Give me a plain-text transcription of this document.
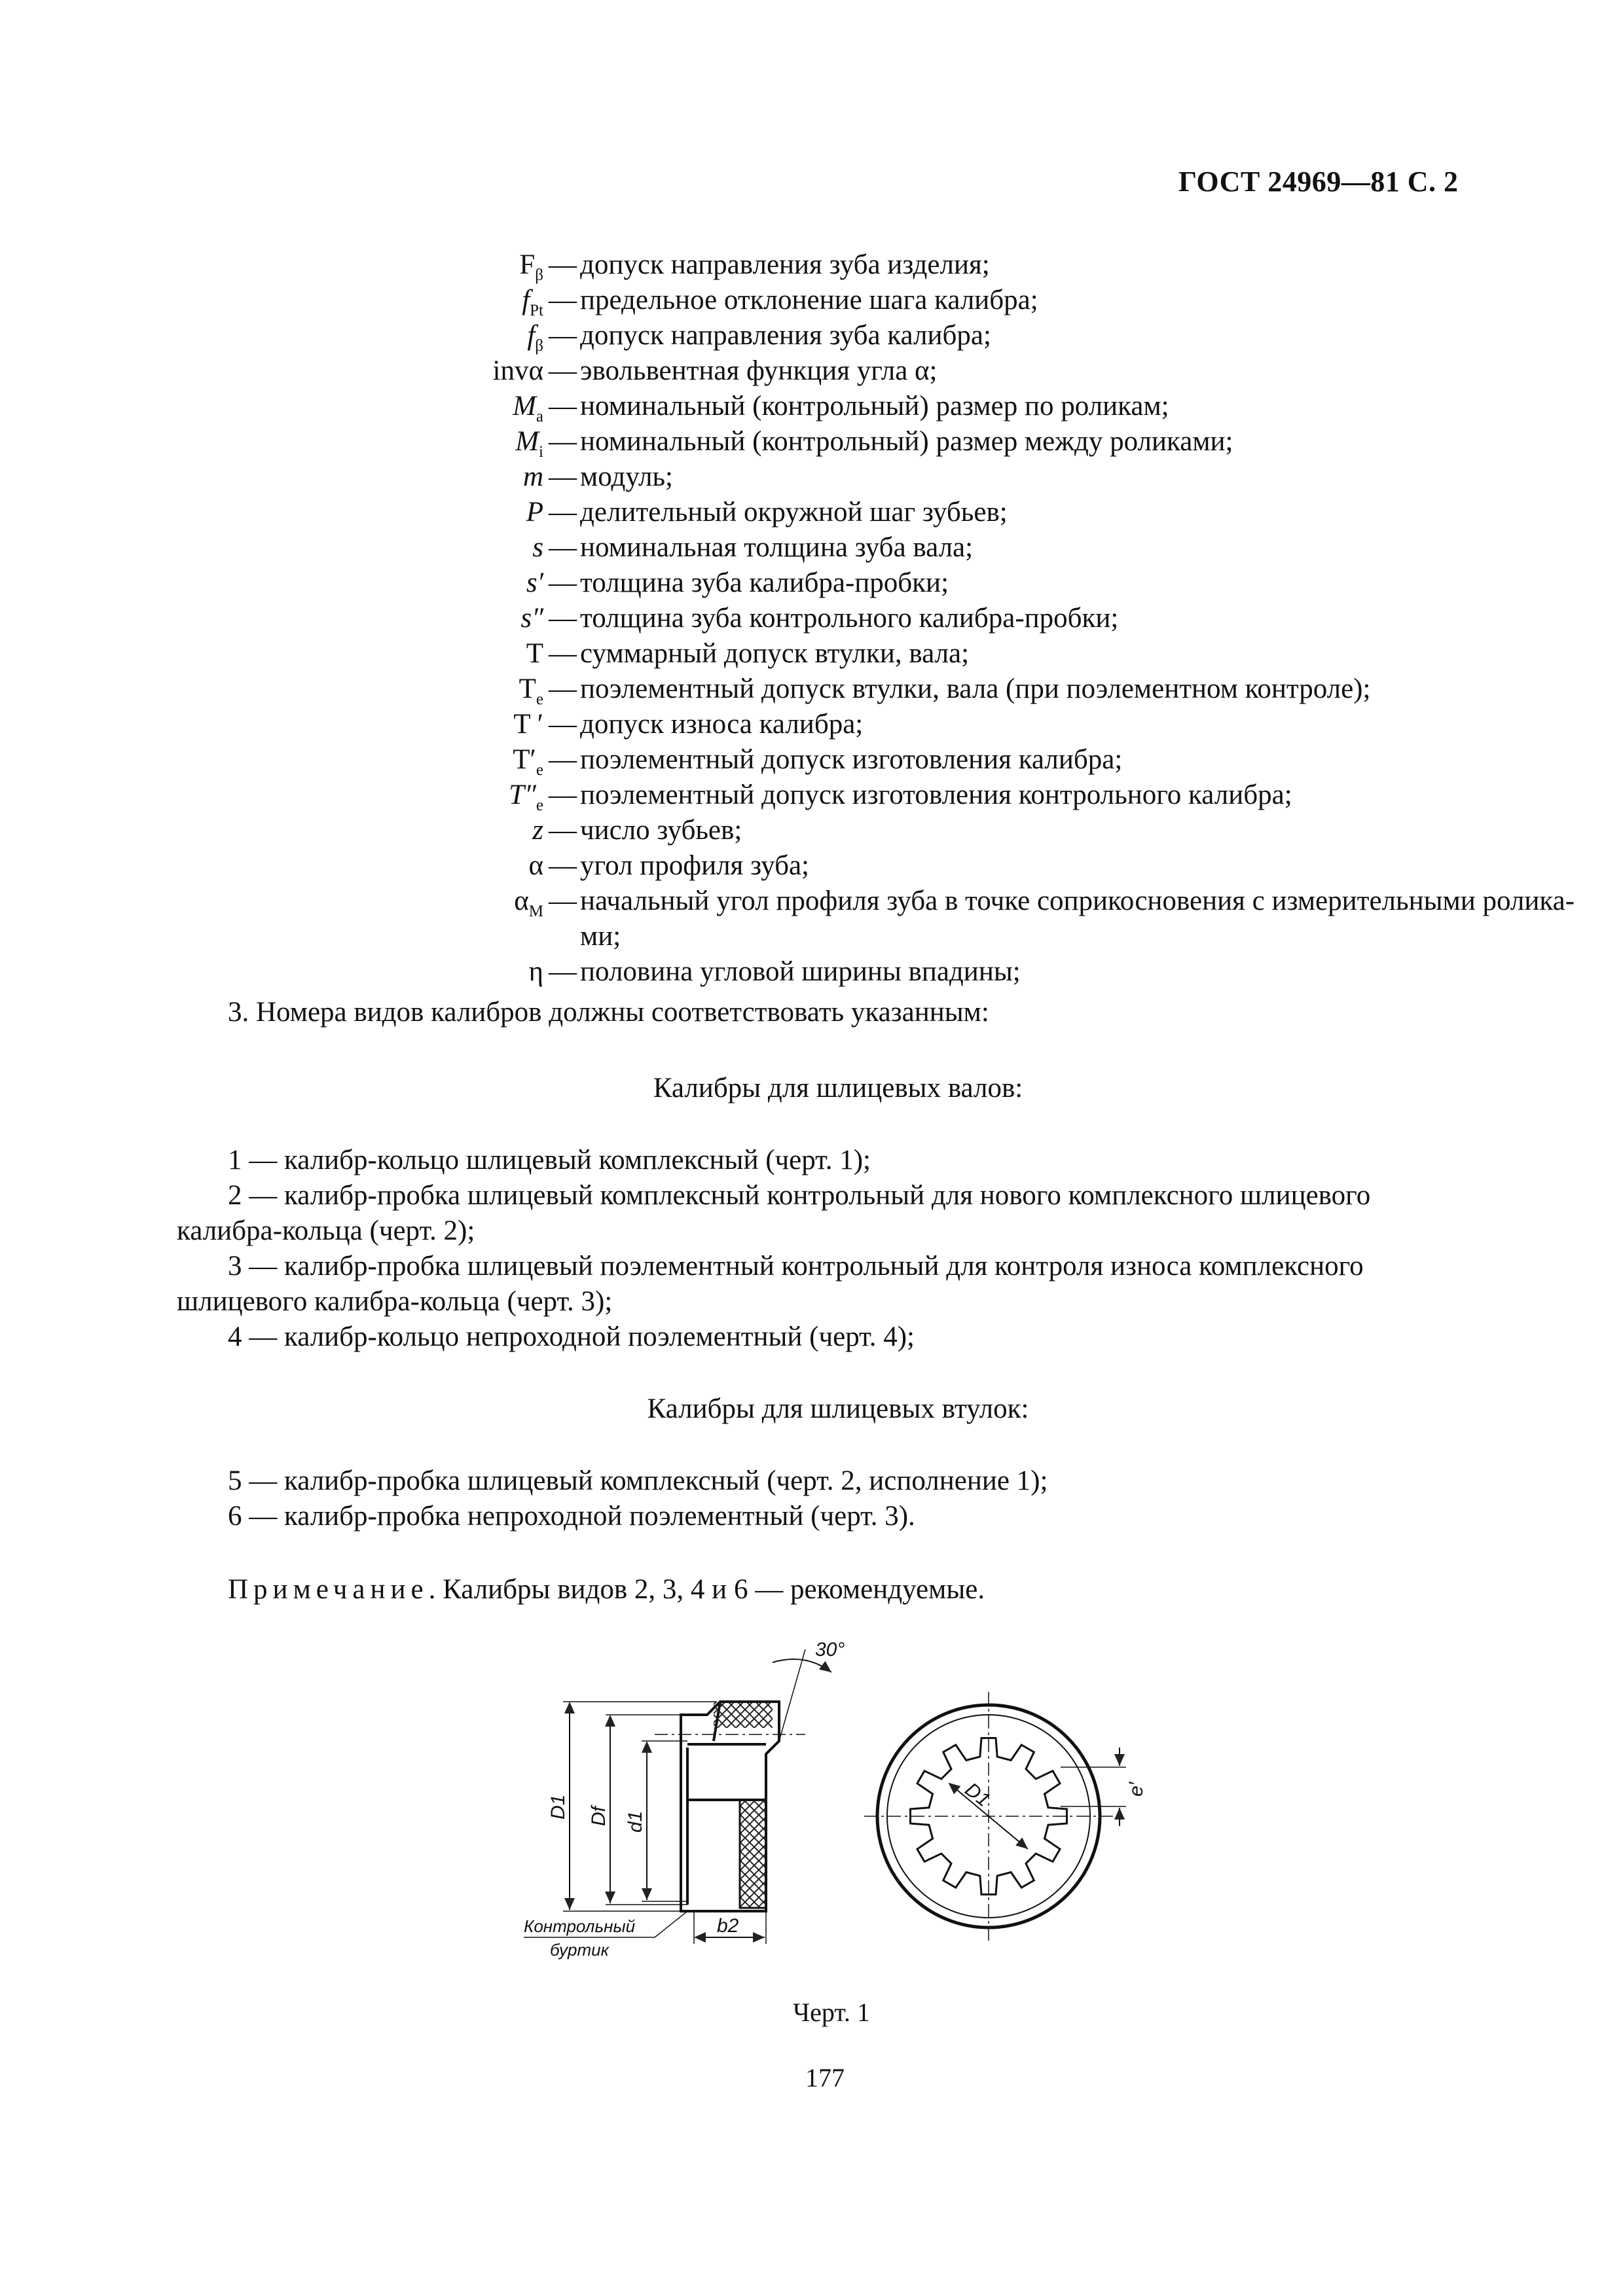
ГОСТ 24969—81 С. 2
$F_\beta$ — допуск направления зуба изделия;
$f_{Pt}$ — предельное отклонение шага калибра;
$f_\beta$ — допуск направления зуба калибра;
invα — эвольвентная функция угла α;
$M_a$ — номинальный (контрольный) размер по роликам;
$M_i$ — номинальный (контрольный) размер между роликами;
m — модуль;
P — делительный окружной шаг зубьев;
s — номинальная толщина зуба вала;
s′ — толщина зуба калибра-пробки;
s″ — толщина зуба контрольного калибра-пробки;
T — суммарный допуск втулки, вала;
$T_e$ — поэлементный допуск втулки, вала (при поэлементном контроле);
T ′ — допуск износа калибра;
$T'_e$ — поэлементный допуск изготовления калибра;
$T''_e$ — поэлементный допуск изготовления контрольного калибра;
z — число зубьев;
α — угол профиля зуба;
$\alpha_M$ — начальный угол профиля зуба в точке соприкосновения с измерительными ролика-
ми;
η — половина угловой ширины впадины;
3. Номера видов калибров должны соответствовать указанным:
Калибры для шлицевых валов:
1 — калибр-кольцо шлицевый комплексный (черт. 1);
2 — калибр-пробка шлицевый комплексный контрольный для нового комплексного шлицевого
калибра-кольца (черт. 2);
3 — калибр-пробка шлицевый поэлементный контрольный для контроля износа комплексного
шлицевого калибра-кольца (черт. 3);
4 — калибр-кольцо непроходной поэлементный (черт. 4);
Калибры для шлицевых втулок:
5 — калибр-пробка шлицевый комплексный (черт. 2, исполнение 1);
6 — калибр-пробка непроходной поэлементный (черт. 3).
Примечание. Калибры видов 2, 3, 4 и 6 — рекомендуемые.
30°
D1 Df d1
b2
Контрольный
буртик
D1	e′
Черт. 1
177
